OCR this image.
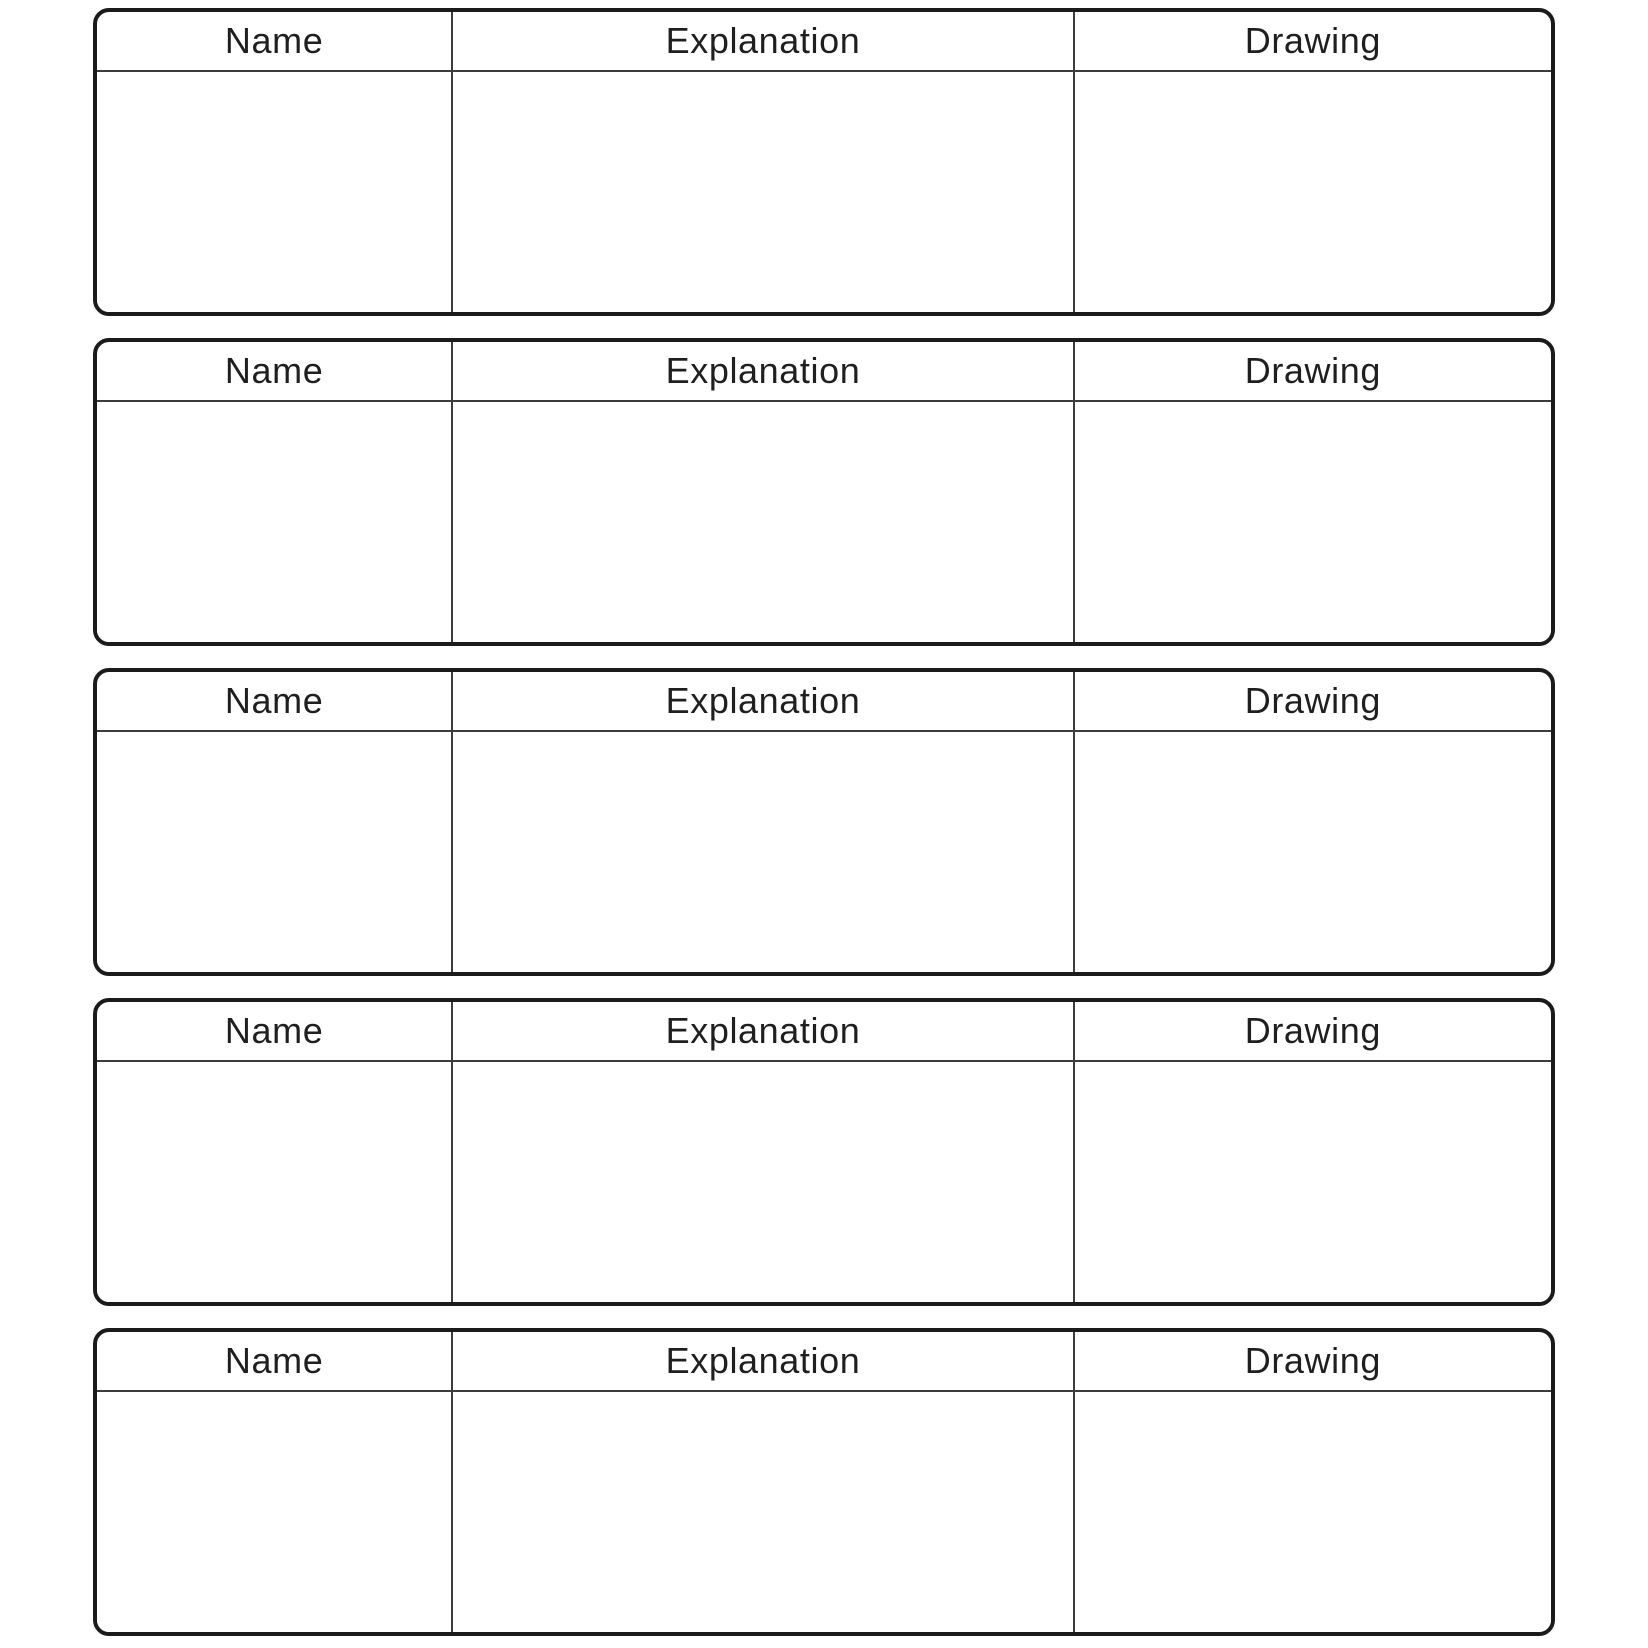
Name	Explanation	Drawing
Name	Explanation	Drawing
Name	Explanation	Drawing
Name	Explanation	Drawing
Name	Explanation	Drawing
